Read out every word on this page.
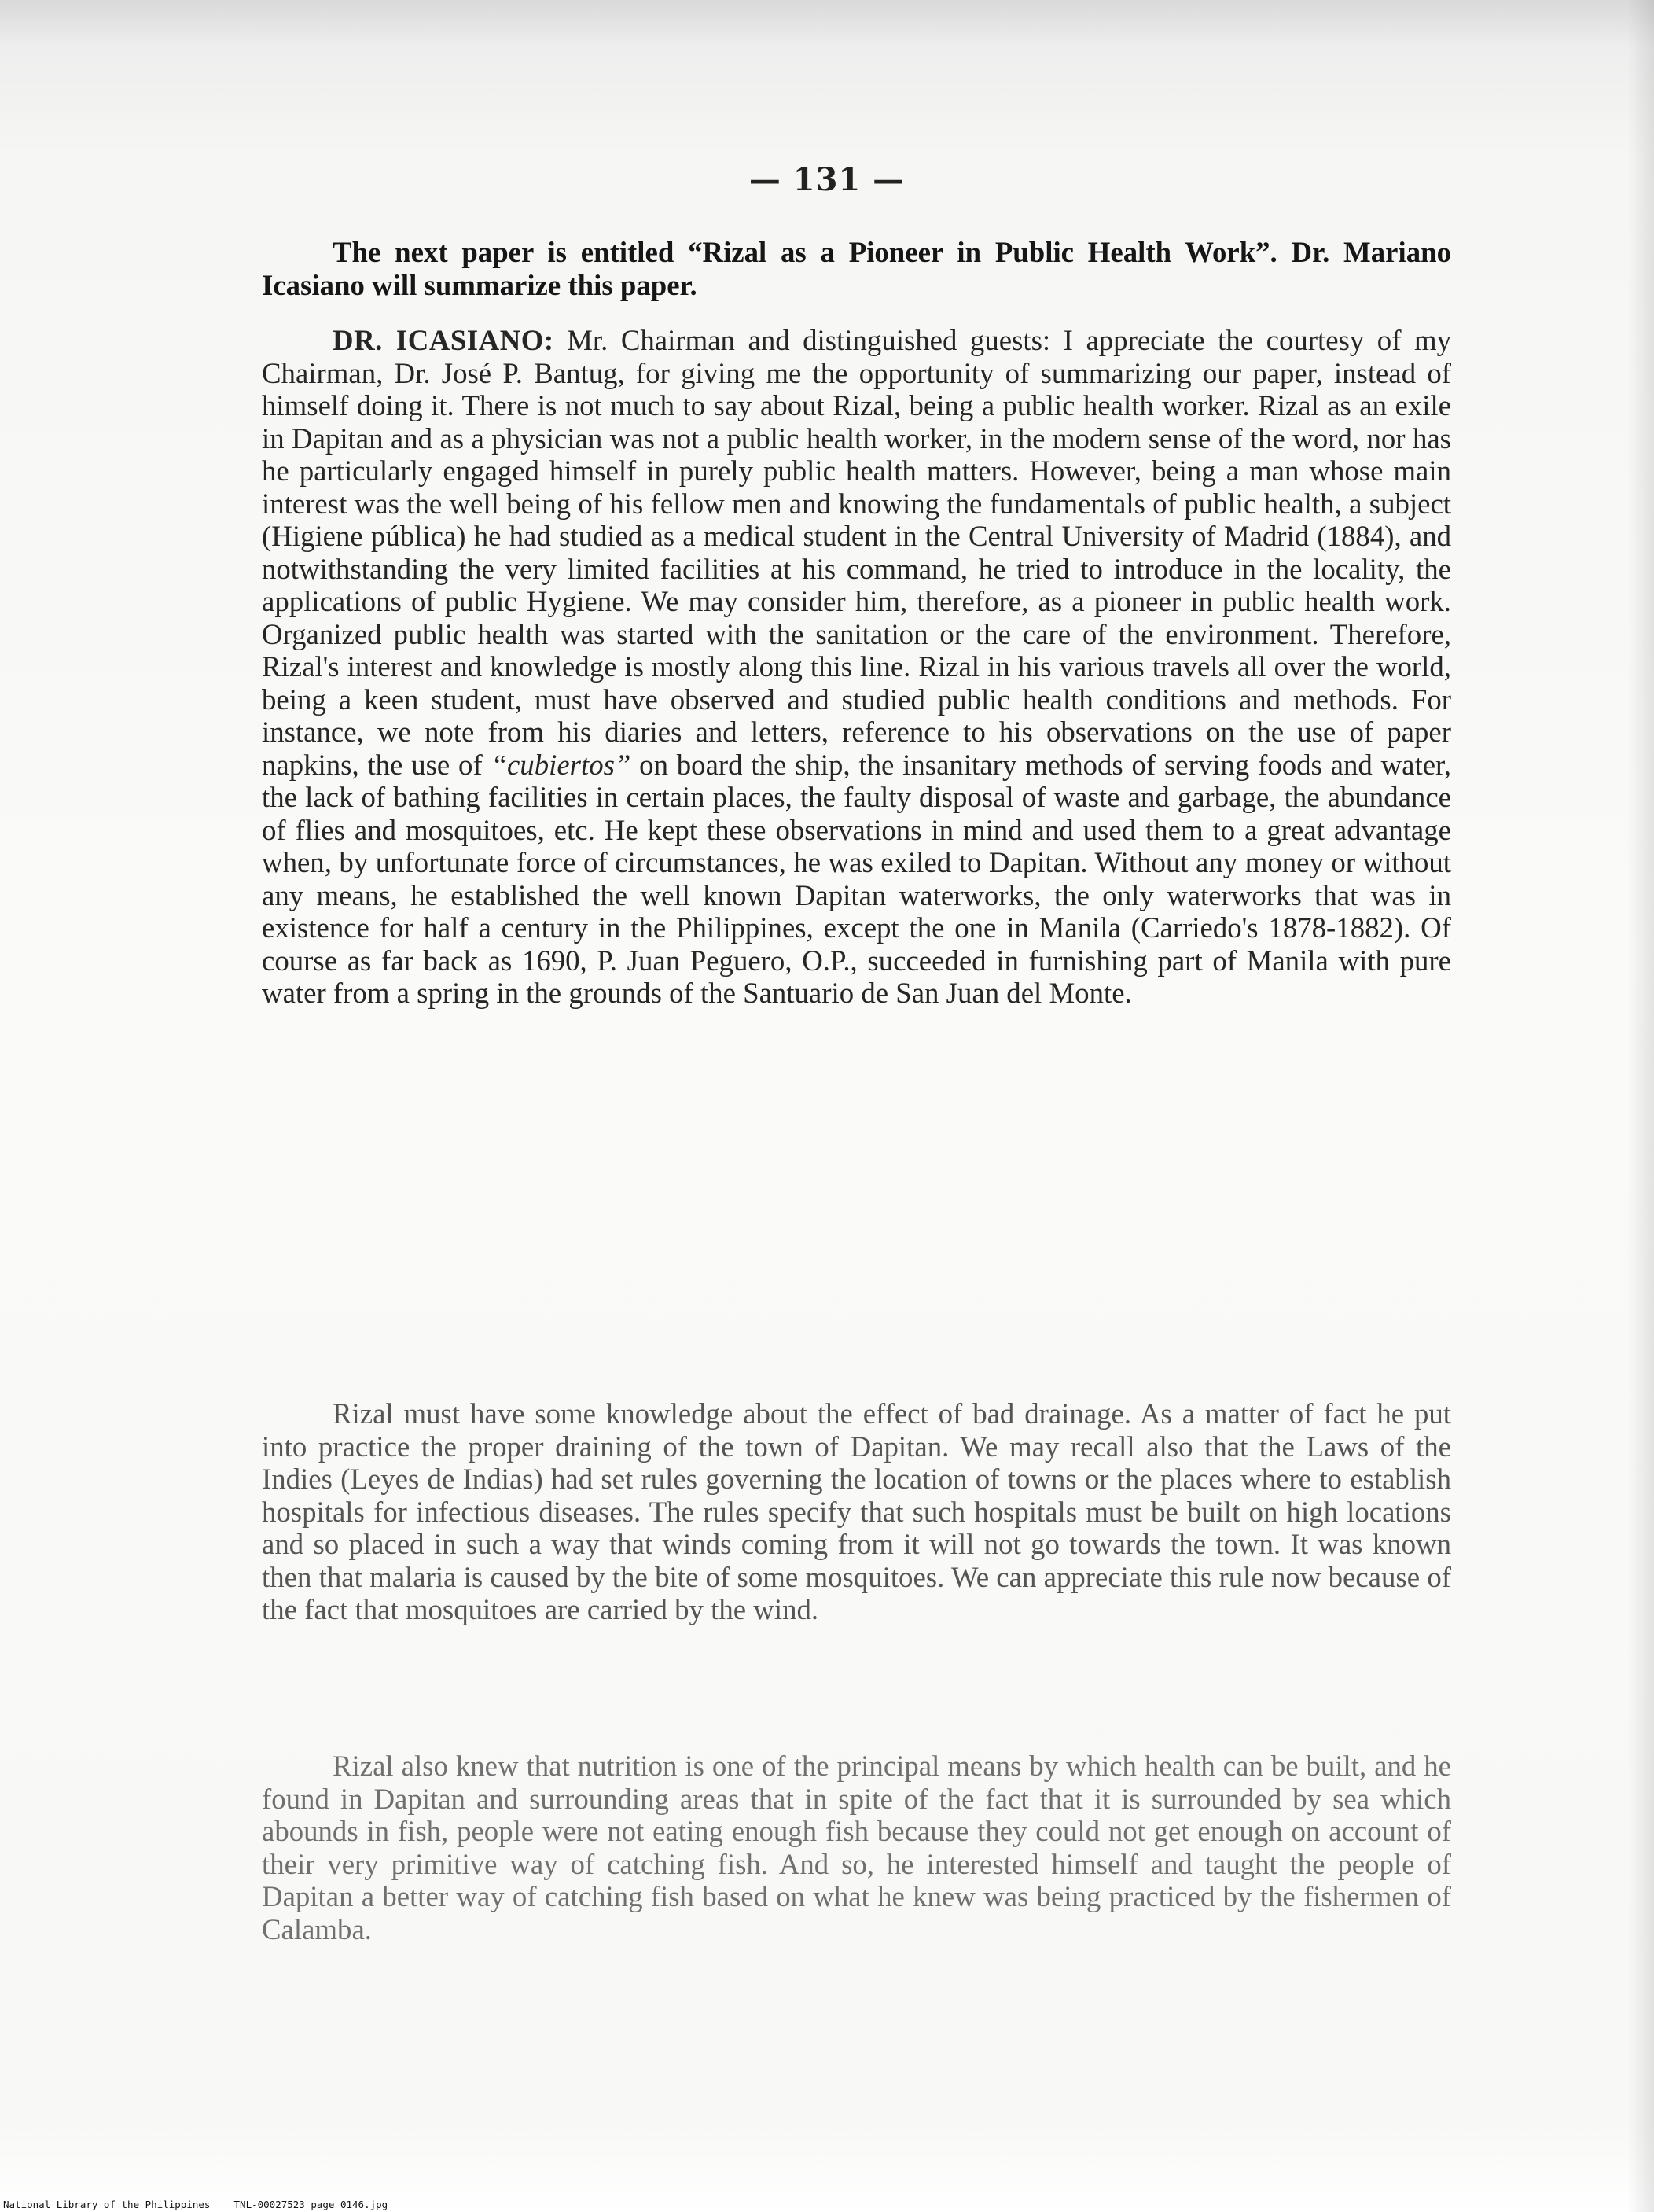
— 131 —

The next paper is entitled “Rizal as a Pioneer in Public Health Work”. Dr. Mariano Icasiano will summarize this paper.

DR. ICASIANO: Mr. Chairman and distinguished guests: I appreciate the courtesy of my Chairman, Dr. José P. Bantug, for giving me the opportunity of summarizing our paper, instead of himself doing it. There is not much to say about Rizal, being a public health worker. Rizal as an exile in Dapitan and as a physician was not a public health worker, in the modern sense of the word, nor has he particularly engaged himself in purely public health matters. However, being a man whose main interest was the well being of his fellow men and knowing the fundamentals of public health, a subject (Higiene pública) he had studied as a medical student in the Central University of Madrid (1884), and notwithstanding the very limited facilities at his command, he tried to introduce in the locality, the applications of public Hygiene. We may consider him, therefore, as a pioneer in public health work. Organized public health was started with the sanitation or the care of the environment. Therefore, Rizal's interest and knowledge is mostly along this line. Rizal in his various travels all over the world, being a keen student, must have observed and studied public health conditions and methods. For instance, we note from his diaries and letters, reference to his observations on the use of paper napkins, the use of “cubiertos” on board the ship, the insanitary methods of serving foods and water, the lack of bathing facilities in certain places, the faulty disposal of waste and garbage, the abundance of flies and mosquitoes, etc. He kept these observations in mind and used them to a great advantage when, by unfortunate force of circumstances, he was exiled to Dapitan. Without any money or without any means, he established the well known Dapitan waterworks, the only waterworks that was in existence for half a century in the Philippines, except the one in Manila (Carriedo's 1878-1882). Of course as far back as 1690, P. Juan Peguero, O.P., succeeded in furnishing part of Manila with pure water from a spring in the grounds of the Santuario de San Juan del Monte.

Rizal must have some knowledge about the effect of bad drainage. As a matter of fact he put into practice the proper draining of the town of Dapitan. We may recall also that the Laws of the Indies (Leyes de Indias) had set rules governing the location of towns or the places where to establish hospitals for infectious diseases. The rules specify that such hospitals must be built on high locations and so placed in such a way that winds coming from it will not go towards the town. It was known then that malaria is caused by the bite of some mosquitoes. We can appreciate this rule now because of the fact that mosquitoes are carried by the wind.

Rizal also knew that nutrition is one of the principal means by which health can be built, and he found in Dapitan and surrounding areas that in spite of the fact that it is surrounded by sea which abounds in fish, people were not eating enough fish because they could not get enough on account of their very primitive way of catching fish. And so, he interested himself and taught the people of Dapitan a better way of catching fish based on what he knew was being practiced by the fishermen of Calamba.

National Library of the Philippines TNL-00027523_page_0146.jpg
